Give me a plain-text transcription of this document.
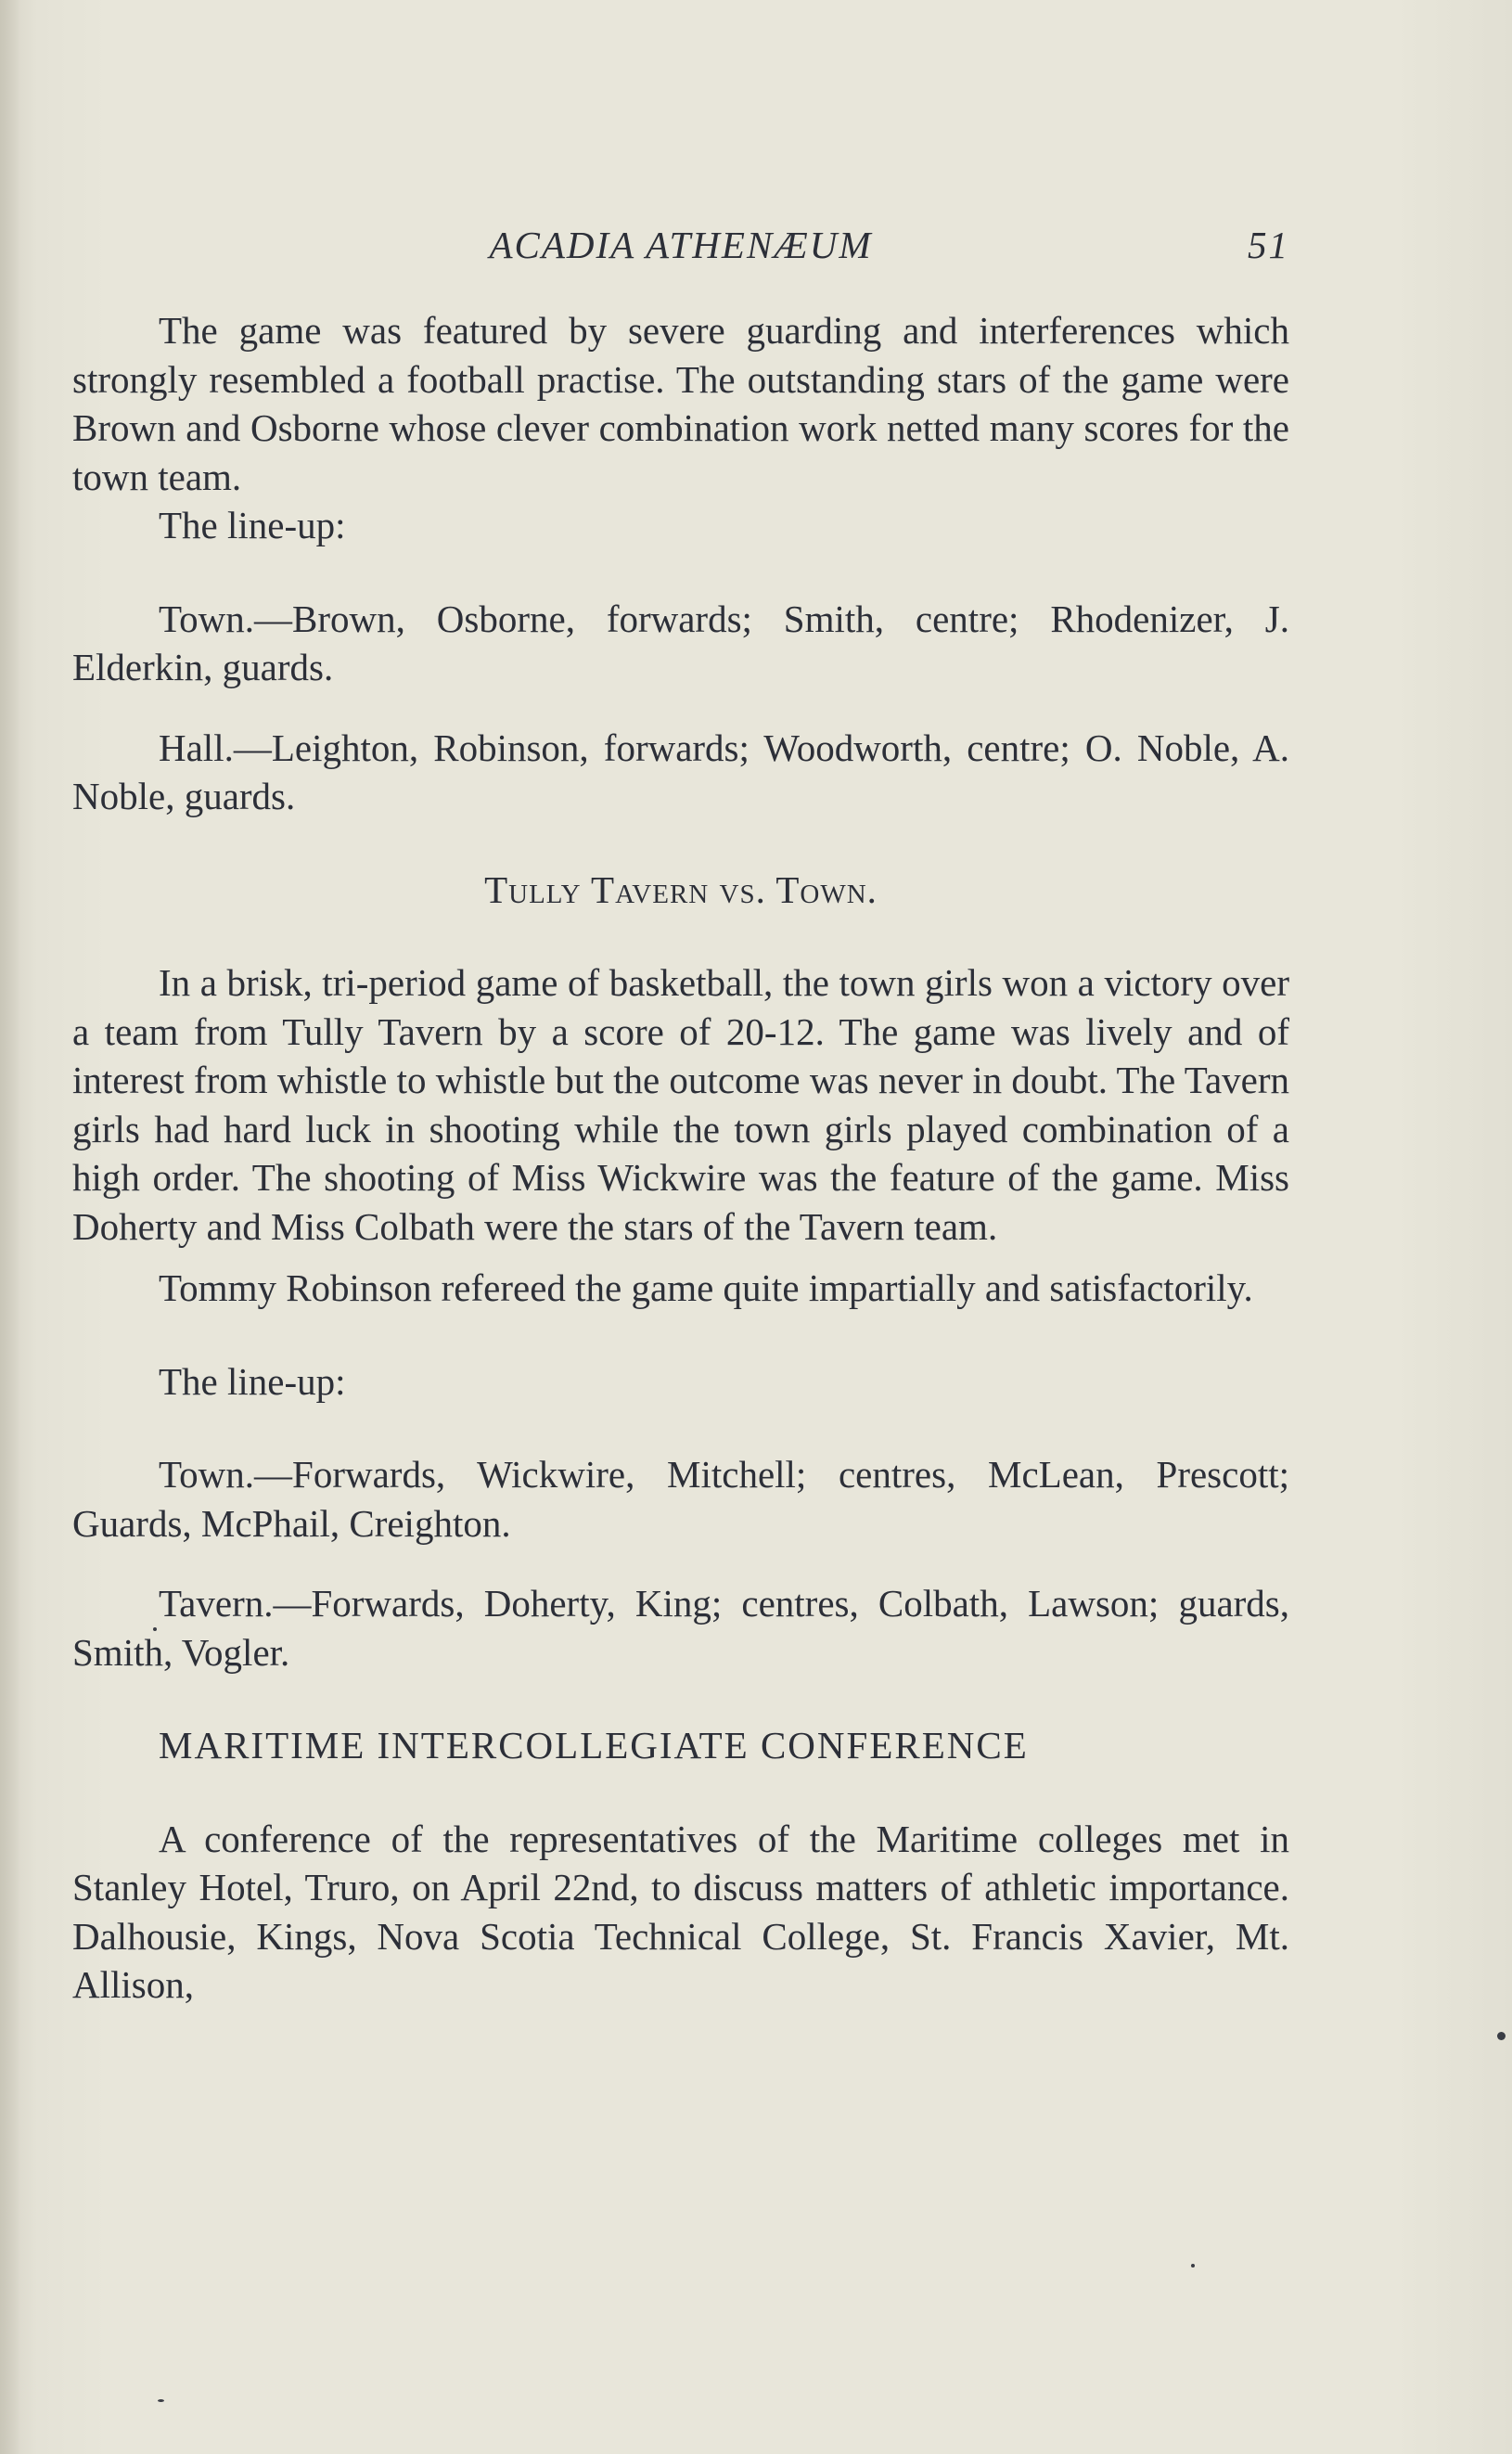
ACADIA ATHENÆUM	51

The game was featured by severe guarding and interferences which strongly resembled a football practise. The outstanding stars of the game were Brown and Osborne whose clever combination work netted many scores for the town team.

The line-up:

Town.—Brown, Osborne, forwards; Smith, centre; Rhodenizer, J. Elderkin, guards.

Hall.—Leighton, Robinson, forwards; Woodworth, centre; O. Noble, A. Noble, guards.

Tully Tavern vs. Town.

In a brisk, tri-period game of basketball, the town girls won a victory over a team from Tully Tavern by a score of 20-12. The game was lively and of interest from whistle to whistle but the outcome was never in doubt. The Tavern girls had hard luck in shooting while the town girls played combination of a high order. The shooting of Miss Wickwire was the feature of the game. Miss Doherty and Miss Colbath were the stars of the Tavern team.

Tommy Robinson refereed the game quite impartially and satisfactorily.

The line-up:

Town.—Forwards, Wickwire, Mitchell; centres, McLean, Prescott; Guards, McPhail, Creighton.

Tavern.—Forwards, Doherty, King; centres, Colbath, Lawson; guards, Smith, Vogler.

MARITIME INTERCOLLEGIATE CONFERENCE

A conference of the representatives of the Maritime colleges met in Stanley Hotel, Truro, on April 22nd, to discuss matters of athletic importance. Dalhousie, Kings, Nova Scotia Technical College, St. Francis Xavier, Mt. Allison,
